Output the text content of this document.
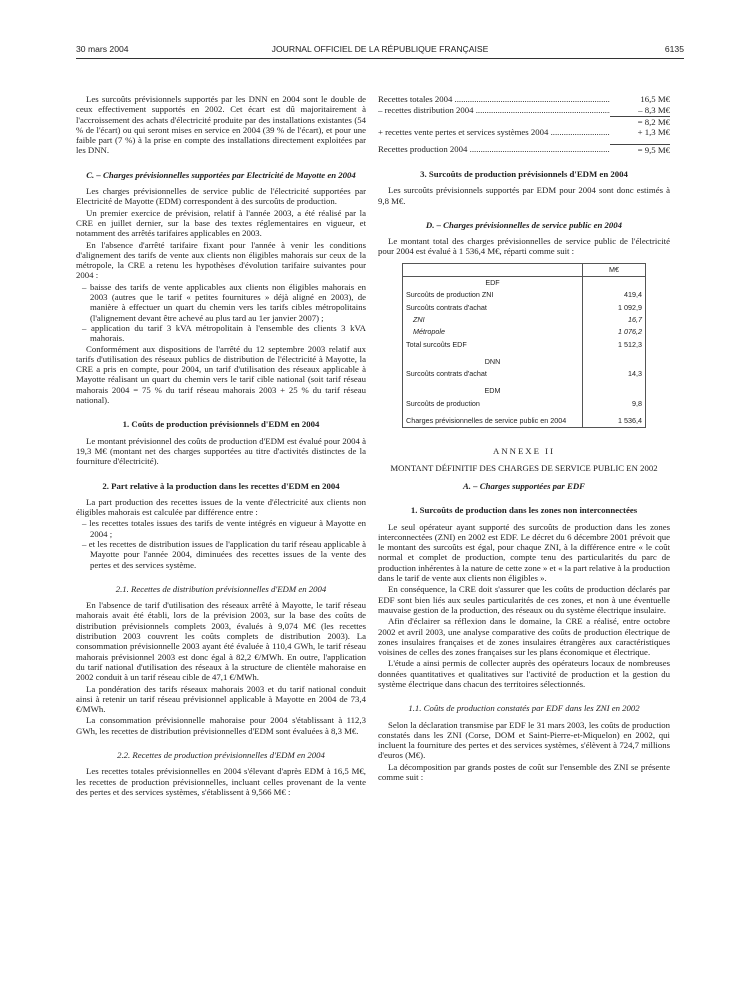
30 mars 2004	JOURNAL OFFICIEL DE LA RÉPUBLIQUE FRANÇAISE	6135

Les surcoûts prévisionnels supportés par les DNN en 2004 sont le double de ceux effectivement supportés en 2002. Cet écart est dû majoritairement à l'accroissement des achats d'électricité produite par des installations existantes (54 % de l'écart) ou qui seront mises en service en 2004 (39 % de l'écart), et pour une faible part (7 %) à la prise en compte des installations directement exploitées par les DNN.

C. – Charges prévisionnelles supportées par Electricité de Mayotte en 2004

Les charges prévisionnelles de service public de l'électricité supportées par Electricité de Mayotte (EDM) correspondent à des surcoûts de production.

Un premier exercice de prévision, relatif à l'année 2003, a été réalisé par la CRE en juillet dernier, sur la base des textes réglementaires en vigueur, et notamment des arrêtés tarifaires applicables en 2003.

En l'absence d'arrêté tarifaire fixant pour l'année à venir les conditions d'alignement des tarifs de vente aux clients non éligibles mahorais sur ceux de la métropole, la CRE a retenu les hypothèses d'évolution tarifaire suivantes pour 2004 :

– baisse des tarifs de vente applicables aux clients non éligibles mahorais en 2003 (autres que le tarif « petites fournitures » déjà aligné en 2003), de manière à effectuer un quart du chemin vers les tarifs cibles métropolitains (l'alignement devant être achevé au plus tard au 1er janvier 2007) ;
– application du tarif 3 kVA métropolitain à l'ensemble des clients 3 kVA mahorais.

Conformément aux dispositions de l'arrêté du 12 septembre 2003 relatif aux tarifs d'utilisation des réseaux publics de distribution de l'électricité à Mayotte, la CRE a pris en compte, pour 2004, un tarif d'utilisation des réseaux applicable à Mayotte réalisant un quart du chemin vers le tarif cible national (soit tarif réseau mahorais 2004 = 75 % du tarif réseau mahorais 2003 + 25 % du tarif réseau national).

1. Coûts de production prévisionnels d'EDM en 2004

Le montant prévisionnel des coûts de production d'EDM est évalué pour 2004 à 19,3 M€ (montant net des charges supportées au titre d'activités distinctes de la fourniture d'électricité).

2. Part relative à la production dans les recettes d'EDM en 2004

La part production des recettes issues de la vente d'électricité aux clients non éligibles mahorais est calculée par différence entre :

– les recettes totales issues des tarifs de vente intégrés en vigueur à Mayotte en 2004 ;
– et les recettes de distribution issues de l'application du tarif réseau applicable à Mayotte pour l'année 2004, diminuées des recettes issues de la vente des pertes et des services système.
2.1. Recettes de distribution prévisionnelles d'EDM en 2004

En l'absence de tarif d'utilisation des réseaux arrêté à Mayotte, le tarif réseau mahorais avait été établi, lors de la prévision 2003, sur la base des coûts de distribution prévisionnels complets 2003, évalués à 9,074 M€ (les recettes distribution 2003 couvrent les coûts complets de distribution 2003). La consommation prévisionnelle 2003 ayant été évaluée à 110,4 GWh, le tarif réseau mahorais prévisionnel 2003 est donc égal à 82,2 €/MWh. En outre, l'application du tarif national d'utilisation des réseaux à la structure de clientèle mahoraise en 2002 conduit à un tarif réseau cible de 47,1 €/MWh.

La pondération des tarifs réseaux mahorais 2003 et du tarif national conduit ainsi à retenir un tarif réseau prévisionnel applicable à Mayotte en 2004 de 73,4 €/MWh.

La consommation prévisionnelle mahoraise pour 2004 s'établissant à 112,3 GWh, les recettes de distribution prévisionnelles d'EDM sont évaluées à 8,3 M€.

2.2. Recettes de production prévisionnelles d'EDM en 2004

Les recettes totales prévisionnelles en 2004 s'élevant d'après EDM à 16,5 M€, les recettes de production prévisionnelles, incluant celles provenant de la vente des pertes et des services systèmes, s'établissent à 9,566 M€ :

Recettes totales 2004 .....	16,5 M€
– recettes distribution 2004 .....	– 8,3 M€
= 8,2 M€
+ recettes vente pertes et services systèmes 2004 .....	+ 1,3 M€
Recettes production 2004 .....	= 9,5 M€
3. Surcoûts de production prévisionnels d'EDM en 2004

Les surcoûts prévisionnels supportés par EDM pour 2004 sont donc estimés à 9,8 M€.

D. – Charges prévisionnelles de service public en 2004

Le montant total des charges prévisionnelles de service public de l'électricité pour 2004 est évalué à 1 536,4 M€, réparti comme suit :

	M€
EDF	
Surcoûts de production ZNI	419,4
Surcoûts contrats d'achat	1 092,9
ZNI	16,7
Métropole	1 076,2
Total surcoûts EDF	1 512,3
DNN	
Surcoûts contrats d'achat	14,3
EDM	
Surcoûts de production	9,8
Charges prévisionnelles de service public en 2004	1 536,4
ANNEXE II
MONTANT DÉFINITIF DES CHARGES DE SERVICE PUBLIC EN 2002
A. – Charges supportées par EDF
1. Surcoûts de production dans les zones non interconnectées

Le seul opérateur ayant supporté des surcoûts de production dans les zones interconnectées (ZNI) en 2002 est EDF. Le décret du 6 décembre 2001 prévoit que le montant des surcoûts est égal, pour chaque ZNI, à la différence entre « le coût normal et complet de production, compte tenu des particularités du parc de production inhérentes à la nature de cette zone » et « la part relative à la production dans le tarif de vente aux clients non éligibles ».

En conséquence, la CRE doit s'assurer que les coûts de production déclarés par EDF sont bien liés aux seules particularités de ces zones, et non à une éventuelle mauvaise gestion de la production, des réseaux ou du système électrique insulaire.

Afin d'éclairer sa réflexion dans le domaine, la CRE a réalisé, entre octobre 2002 et avril 2003, une analyse comparative des coûts de production électrique de zones insulaires françaises et de zones insulaires étrangères aux caractéristiques voisines de celles des zones françaises sur les plans économique et électrique.

L'étude a ainsi permis de collecter auprès des opérateurs locaux de nombreuses données quantitatives et qualitatives sur l'activité de production et la gestion du système électrique dans chacun des territoires sélectionnés.

1.1. Coûts de production constatés par EDF dans les ZNI en 2002

Selon la déclaration transmise par EDF le 31 mars 2003, les coûts de production constatés dans les ZNI (Corse, DOM et Saint-Pierre-et-Miquelon) en 2002, qui incluent la fourniture des pertes et des services systèmes, s'élèvent à 724,7 millions d'euros (M€).

La décomposition par grands postes de coût sur l'ensemble des ZNI se présente comme suit :
